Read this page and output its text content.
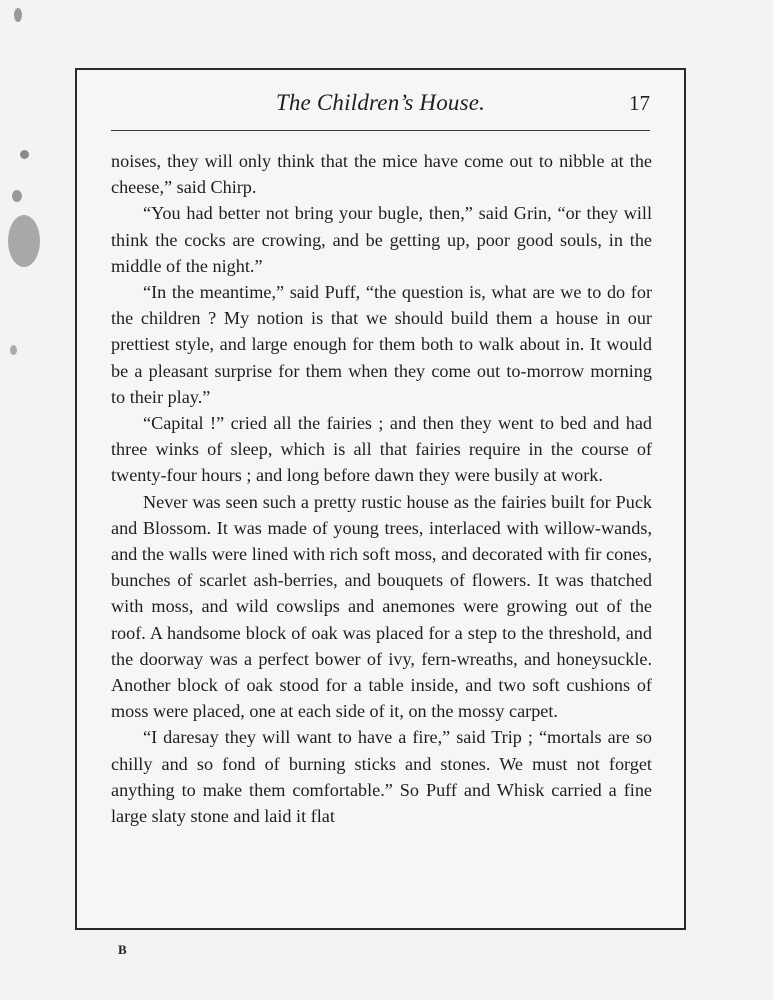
The Children’s House.	17

noises, they will only think that the mice have come out to nibble at the cheese,” said Chirp.

“You had better not bring your bugle, then,” said Grin, “or they will think the cocks are crowing, and be getting up, poor good souls, in the middle of the night.”

“In the meantime,” said Puff, “the question is, what are we to do for the children ? My notion is that we should build them a house in our prettiest style, and large enough for them both to walk about in. It would be a pleasant surprise for them when they come out to-morrow morning to their play.”

“Capital !” cried all the fairies ; and then they went to bed and had three winks of sleep, which is all that fairies require in the course of twenty-four hours ; and long before dawn they were busily at work.

Never was seen such a pretty rustic house as the fairies built for Puck and Blossom. It was made of young trees, interlaced with willow-wands, and the walls were lined with rich soft moss, and decorated with fir cones, bunches of scarlet ash-berries, and bouquets of flowers. It was thatched with moss, and wild cowslips and anemones were growing out of the roof. A handsome block of oak was placed for a step to the threshold, and the doorway was a perfect bower of ivy, fern-wreaths, and honeysuckle. Another block of oak stood for a table inside, and two soft cushions of moss were placed, one at each side of it, on the mossy carpet.

“I daresay they will want to have a fire,” said Trip ; “mortals are so chilly and so fond of burning sticks and stones. We must not forget anything to make them comfortable.” So Puff and Whisk carried a fine large slaty stone and laid it flat

B
